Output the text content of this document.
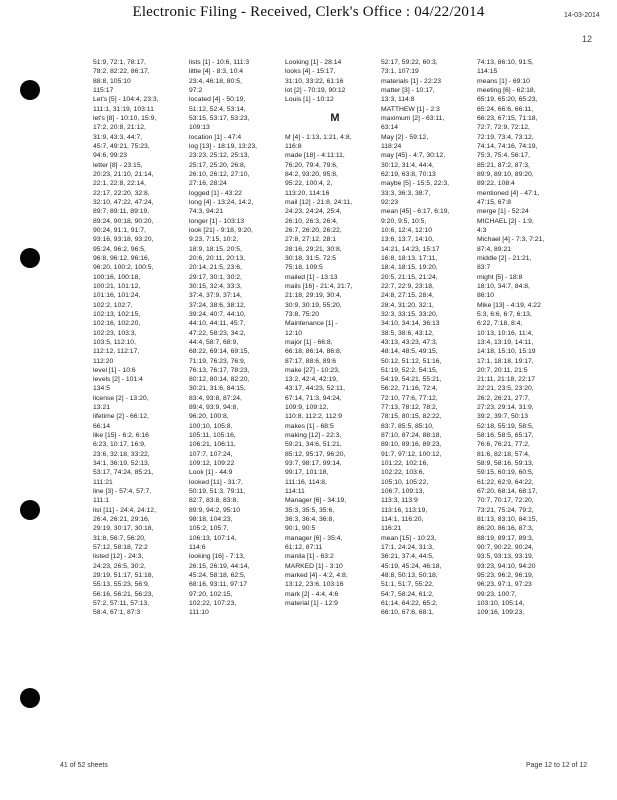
Electronic Filing - Received, Clerk's Office : 04/22/2014	14-03-2014
12
51:9, 72:1, 78:17,
78:2, 82:22, 86:17,
88:8, 105:10
115:17
Let's [5] - 104:4, 23:3,
111:1, 31:19, 103:11
let's [8] - 10:10, 15:9,
17:2, 20:8, 21:12,
31:9, 43:3, 44:7,
45:7, 49:21, 75:23,
94:6, 99:23
letter [8] - 23:15,
20:23, 21:10, 21:14,
22:1, 22:8, 22:14,
22:17, 22:20, 32:8,
32:10, 47:22, 47:24,
89:7, 89:11, 89:19,
89:24, 90:18, 90:20,
90:24, 91:1, 91:7,
93:16, 93:18, 93:20,
95:24, 96:2, 96:5,
96:8, 96:12, 96:16,
96:20, 100:2, 100:5,
100:16, 100:18,
100:21, 101:12,
101:16, 101:24,
102:2, 102:7,
102:13, 102:15,
102:16, 102:20,
102:23, 103:3,
103:5, 112:10,
112:12, 112:17,
112:20
level [1] - 10:6
levels [2] - 101:4
134:5
license [2] - 13:20,
13:21
lifetime [2] - 66:12,
66:14
like [15] - 6:2, 6:16
6:23, 10:17, 16:9,
23:6, 32:18, 33:22,
34:1, 36:19, 52:13,
53:17, 74:24, 85:21,
111:21
line [3] - 57:4, 57:7,
111:1
list [11] - 24:4, 24:12,
26:4, 26:21, 29:16,
29:19, 30:17, 30:18,
31:8, 56:7, 56:20,
57:12, 58:18, 72:2
listed [12] - 24:3,
24:23, 26:5, 30:2,
29:19, 51:17, 51:18,
55:13, 55:23, 56:9,
56:16, 56:21, 56:23,
57:2, 57:11, 57:13,
58:4, 67:1, 87:3
lists [1] - 10:6, 111:3
little [4] - 8:3, 10:4
23:4, 46:18, 80:5,
97:2
located [4] - 50:19,
51:12, 52:4, 53:14,
53:15, 53:17, 53:23,
109:13
location [1] - 47:4
log [13] - 18:19, 13:23,
23:23, 25:12, 25:13,
25:17, 25:20, 26:8,
26:10, 26:12, 27:10,
27:16, 28:24
logged [1] - 43:22
long [4] - 13:24, 14:2,
74:3, 94:21
longer [1] - 103:13
look [21] - 9:18, 9:20,
9:23, 7:15, 10:2,
18:9, 18:15, 20:5,
20:6, 20:11, 20:13,
20:14, 21:5, 23:6,
29:17, 30:1, 30:2,
30:15, 32:4, 33:3,
37:4, 37:9, 37:14,
37:24, 38:6, 38:12,
39:24, 40:7, 44:10,
44:10, 44:11, 45:7,
47:22, 58:23, 34:2,
44:4, 58:7, 68:9,
68:22, 69:14, 69:15,
71:19, 76:23, 76:9,
76:13, 76:17, 78:23,
80:12, 80:14, 82:20,
30:21, 31:6, 84:15,
83:4, 93:8, 87:24,
89:4, 93:9, 94:8,
96:20, 100:8,
100:10, 105:8,
105:11, 105:16,
106:21, 106:11,
107:7, 107:24,
109:12, 109:22
Look [1] - 44:9
looked [11] - 31:7,
50:19, 51:3, 79:11,
82:7, 83:8, 83:8,
89:9, 94:2, 95:10
98:18, 104:23,
105:2, 105:7,
106:13, 107:14,
114:6
looking [16] - 7:13,
26:15, 26:19, 44:14,
45:24, 58:18, 62:5,
68:16, 93:11, 97:17
97:20, 102:15,
102:22, 107:23,
111:10
Looking [1] - 28:14
looks [4] - 15:17,
31:10, 33:22, 61:16
lot [2] - 70:19, 90:12
Louis [1] - 10:12
M
M [4] - 1:13, 1:21, 4:8,
116:8
made [18] - 4:11:11,
76:20, 79:4, 79:6,
84:2, 93:20, 95:8,
95:22, 100:4, 2,
113:20, 114:16
mail [12] - 21:8, 24:11,
24:23, 24:24, 25:4,
26:10, 26:3, 26:4,
26:7, 26:20, 26:22,
27:8, 27:12, 28:1
28:16, 29:21, 30:8,
30:18, 31:5, 72:5
75:18, 109:5
mailed [1] - 13:13
mails [16] - 21:4, 21:7,
21:18, 29:19, 30:4,
30:9, 30:19, 55:20,
73:8, 75:20
Maintenance [1] -
12:10
major [1] - 66:8,
66:18, 86:14, 86:8,
87:17, 88:6, 89:6
make [27] - 10:23,
13:2, 42:4, 42:19,
43:17, 44:23, 52:11,
67:14, 71:3, 94:24,
109:9, 109:12,
110:8, 112:2, 112:9
makes [1] - 68:5
making [12] - 22:3,
59:21, 34:6, 51:21,
85:12, 95:17, 96:20,
93:7, 98:17, 99:14,
99:17, 101:18,
111:16, 114:8,
114:11
Manager [6] - 34:19,
35:3, 35:5, 35:6,
36:3, 36:4, 36:8,
90:1, 90:5
manager [6] - 35:4,
61:12, 87:11
manila [1] - 63:2
MARKED [1] - 3:10
marked [4] - 4:2, 4:8,
13:12, 23:6, 103:16
mark [2] - 4:4, 4:6
material [1] - 12:9
52:17, 59:22, 60:3,
73:1, 107:19
materials [1] - 22:23
matter [3] - 10:17,
13:3, 114:8
MATTHEW [1] - 2:3
maximum [2] - 63:11,
63:14
May [2] - 59:12,
118:24
may [45] - 4:7, 30:12,
30:12, 31:4, 44:4,
62:19, 63:8, 70:13
maybe [5] - 15:5, 22:3,
33:3, 36:3, 38:7,
92:23
mean [45] - 6:17, 6:19,
9:20, 9:5, 10:5,
10:6, 12:4, 12:10
13:6, 13:7, 14:10,
14:21, 14:23, 15:17
16:8, 18:13, 17:11,
18:4, 18:15, 19:20,
20:5, 21:15, 21:24,
22:7, 22:9, 23:18,
24:8, 27:15, 28:4,
28:4, 31:20, 32:1,
32:3, 33:15, 33:20,
34:10, 34:14, 36:13
38:5, 38:6, 43:12,
43:13, 43:23, 47:3,
48:14, 48:5, 49:15,
50:12, 51:12, 51:16,
51:19, 52:2, 54:15,
54:19, 54:21, 55:21,
56:22, 71:16, 72:4,
72:10, 77:6, 77:12,
77:13, 78:12, 78:2,
78:15, 80:15, 82:22,
83:7, 85:5, 85:10,
87:10, 87:24, 88:18,
89:10, 89:16, 89:23,
91:7, 97:12, 100:12,
101:22, 102:16,
102:22, 103:6,
105:10, 105:22,
106:7, 109:13,
113:3, 113:9
113:16, 113:19,
114:1, 116:20,
116:21
mean [15] - 10:23,
17:1, 24:24, 31:3,
36:21, 37:4, 44:5,
45:19, 45:24, 46:18,
48:8, 50:13, 50:18,
51:1, 51:7, 55:22,
54:7, 58:24, 61:2,
61:14, 64:22, 65:2,
66:10, 67:6, 68:1,
74:13, 86:10, 91:5,
114:15
means [1] - 69:10
meeting [6] - 62:18,
65:19, 65:20, 65:23,
65:24, 66:6, 66:11,
66:23, 67:15, 71:18,
72:7, 72:9, 72:12,
72:19, 73:4, 73:12,
74:14, 74:16, 74:19,
75:3, 75:4, 56:17,
85:21, 87:2, 87:3,
89:9, 89:10, 89:20,
89:22, 108:4
mentioned [4] - 47:1,
47:15, 67:8
merge [1] - 52:24
MICHAEL [2] - 1:9,
4:3
Michael [4] - 7:3, 7:21,
87:4, 89:21
middle [2] - 21:21,
83:7
might [5] - 18:8
18:10, 34:7, 84:8,
86:10
Mike [13] - 4:19, 4:22
5:3, 6:6, 6:7, 6:13,
6:22, 7:18, 8:4,
10:13, 10:16, 11:4,
13:4, 13:19, 14:11,
14:18, 15:10, 15:19
17:1, 18:18, 19:17,
20:7, 20:11, 21:5
21:11, 21:18, 22:17
22:21, 23:5, 23:20,
26:2, 26:21, 27:7,
27:23, 29:14, 31:9,
39:2, 39:7, 50:13
52:18, 55:19, 58:5,
58:16, 58:5, 65:17,
76:6, 76:21, 77:2,
81:6, 82:18, 57:4,
58:9, 58:16, 59:13,
59:15, 60:19, 60:5,
61:22, 62:9, 64:22,
67:20, 68:14, 68:17,
70:7, 70:17, 72:20,
73:21, 75:24, 79:2,
81:13, 83:10, 84:15,
86:20, 86:16, 87:3,
88:19, 89:17, 89:3,
90:7, 90:22, 90:24,
93:5, 93:13, 93:19,
93:23, 94:10, 94:20
95:23, 96:2, 96:19,
96:23, 97:1, 97:23
99:23, 100:7,
103:10, 105:14,
109:16, 109:23,
41 of 52 sheets	Page 12 to 12 of 12
